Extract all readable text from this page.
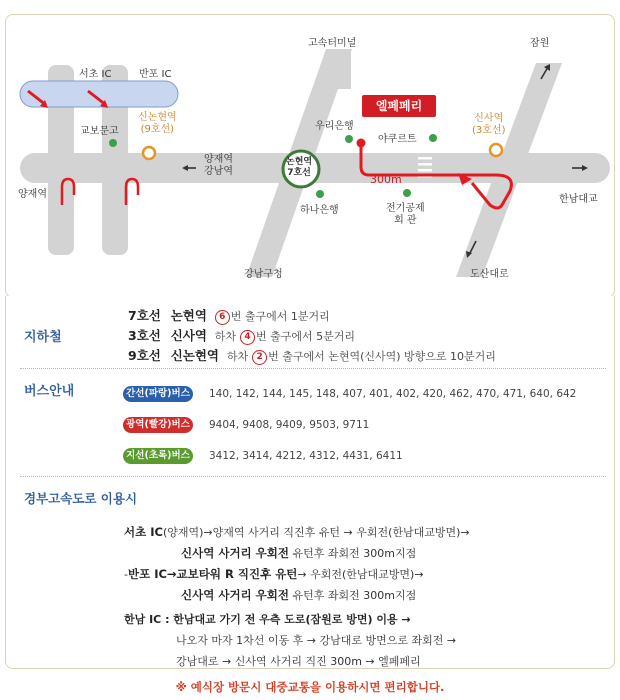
엘페페리
서초 IC	반포 IC
교보문고
신논현역
(9호선)
양재역
강남역
양재역
고속터미널	잠원
우리은행
논현역
7호선
하나은행
야쿠르트
신사역
(3호선)
300m
전기공제
회 관
한남대교
도산대로
강남구청
지하철
7호선 논현역 6 번 출구에서 1분거리
3호선 신사역 하차 4 번 출구에서 5분거리
9호선 신논현역 하차 2 번 출구에서 논현역(신사역) 방향으로 10분거리
버스안내	간선(파랑)버스 140, 142, 144, 145, 148, 407, 401, 402, 420, 462, 470, 471, 640, 642
광역(빨강)버스 9404, 9408, 9409, 9503, 9711
지선(초록)버스 3412, 3414, 4212, 4312, 4431, 6411
경부고속도로 이용시
서초 IC(양재역)→양재역 사거리 직진후 유턴 → 우회전(한남대교방면)→
신사역 사거리 우회전 유턴후 좌회전 300m지점
-반포 IC→교보타워 R 직진후 유턴→ 우회전(한남대교방면)→
신사역 사거리 우회전 유턴후 좌회전 300m지점
한남 IC : 한남대교 가기 전 우측 도로(잠원로 방면) 이용 →
나오자 마자 1차선 이동 후 → 강남대로 방면으로 좌회전 →
강남대로 → 신사역 사거리 직진 300m → 엘페페리
※ 예식장 방문시 대중교통을 이용하시면 편리합니다.
